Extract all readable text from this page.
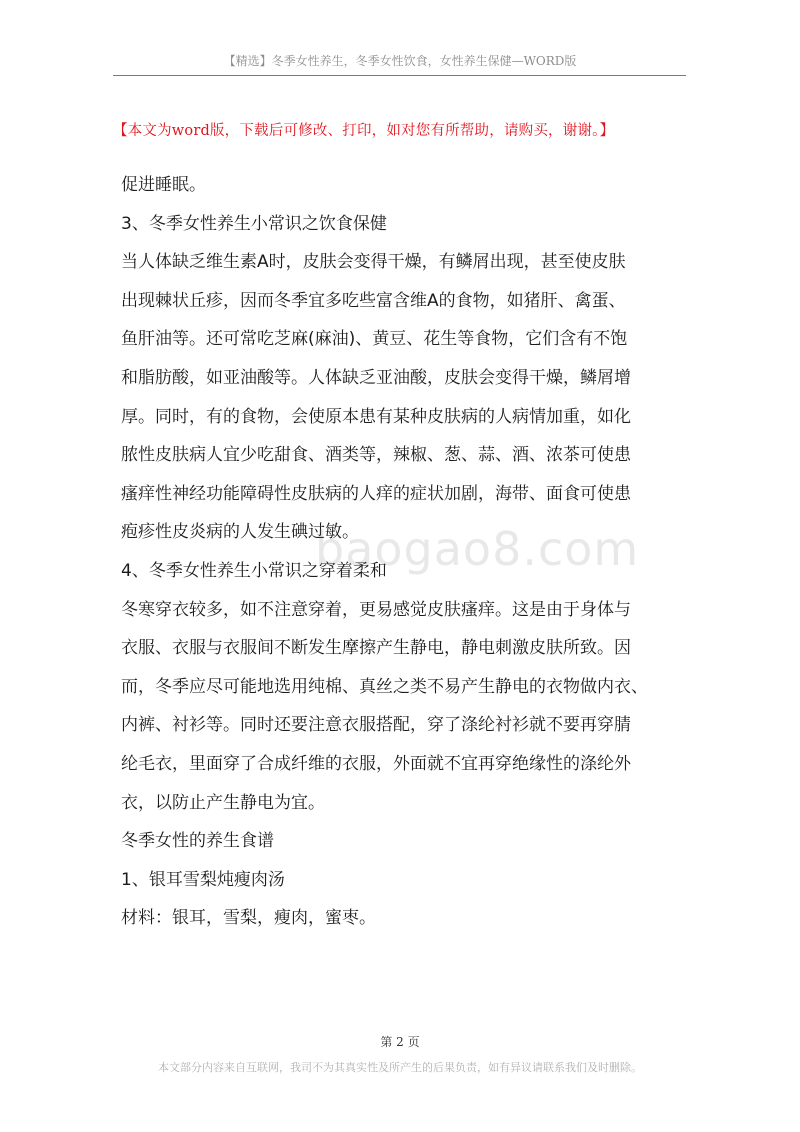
【精选】冬季女性养生，冬季女性饮食，女性养生保健—WORD版
【本文为word版，下载后可修改、打印，如对您有所帮助，请购买，谢谢。】

促进睡眠。

3、冬季女性养生小常识之饮食保健

当人体缺乏维生素A时，皮肤会变得干燥，有鳞屑出现，甚至使皮肤

出现棘状丘疹，因而冬季宜多吃些富含维A的食物，如猪肝、禽蛋、

鱼肝油等。还可常吃芝麻(麻油)、黄豆、花生等食物，它们含有不饱

和脂肪酸，如亚油酸等。人体缺乏亚油酸，皮肤会变得干燥，鳞屑增

厚。同时，有的食物，会使原本患有某种皮肤病的人病情加重，如化

脓性皮肤病人宜少吃甜食、酒类等，辣椒、葱、蒜、酒、浓茶可使患

瘙痒性神经功能障碍性皮肤病的人痒的症状加剧，海带、面食可使患

疱疹性皮炎病的人发生碘过敏。

4、冬季女性养生小常识之穿着柔和

冬寒穿衣较多，如不注意穿着，更易感觉皮肤瘙痒。这是由于身体与

衣服、衣服与衣服间不断发生摩擦产生静电，静电刺激皮肤所致。因

而，冬季应尽可能地选用纯棉、真丝之类不易产生静电的衣物做内衣、

内裤、衬衫等。同时还要注意衣服搭配，穿了涤纶衬衫就不要再穿腈

纶毛衣，里面穿了合成纤维的衣服，外面就不宜再穿绝缘性的涤纶外

衣，以防止产生静电为宜。

冬季女性的养生食谱

1、银耳雪梨炖瘦肉汤

材料：银耳，雪梨，瘦肉，蜜枣。

baogao8.com
第 2 页
本文部分内容来自互联网，我司不为其真实性及所产生的后果负责，如有异议请联系我们及时删除。
